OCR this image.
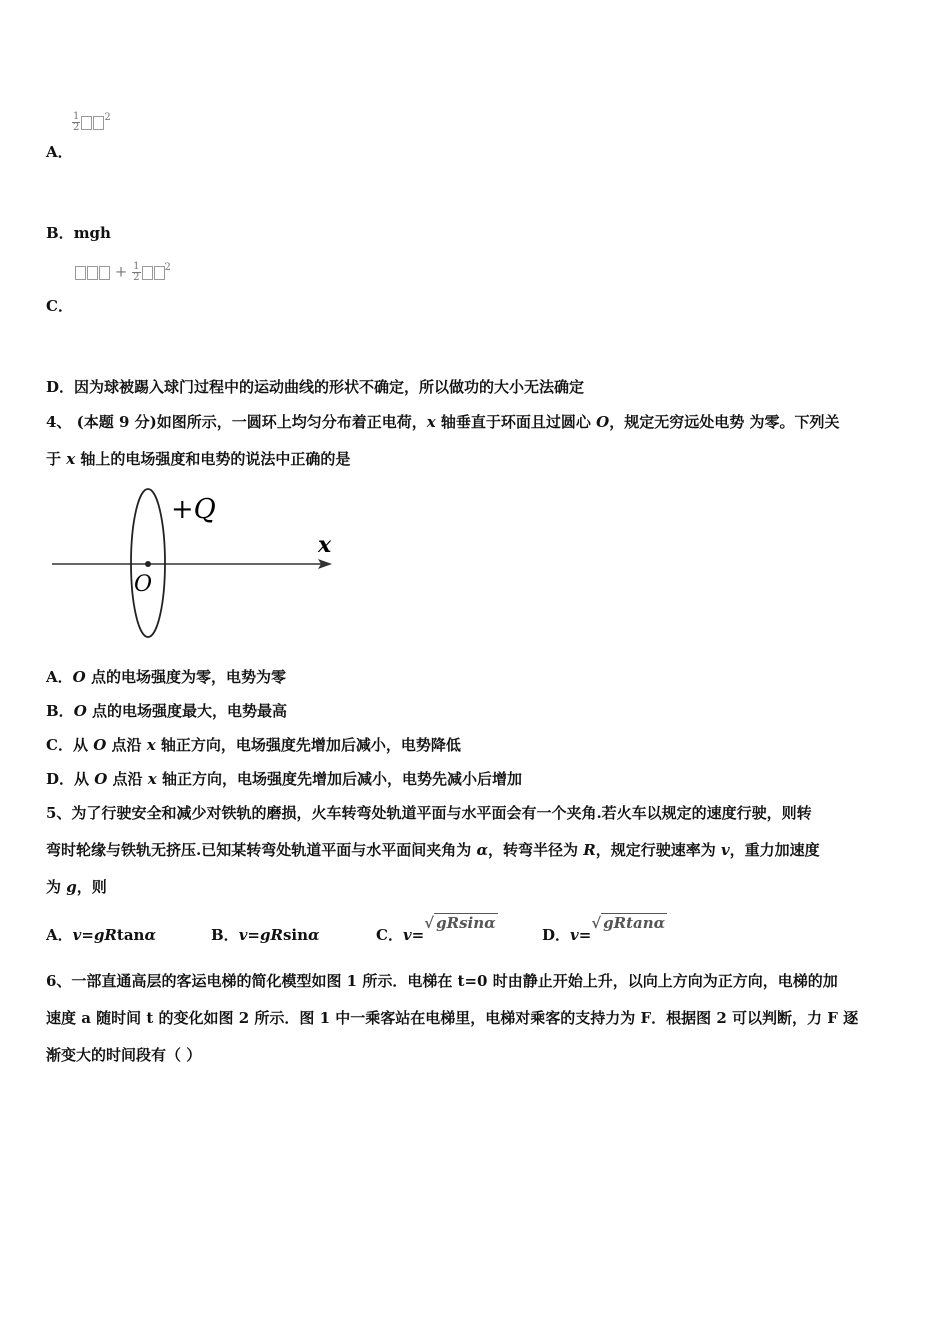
$\frac{1}{2} ^2$
A．
B．mgh
+ $\frac{1}{2} ^2$
C．
D．因为球被踢入球门过程中的运动曲线的形状不确定，所以做功的大小无法确定
4、 (本题 9 分)如图所示，一圆环上均匀分布着正电荷，x 轴垂直于环面且过圆心 O，规定无穷远处电势 为零。下列关
于 x 轴上的电场强度和电势的说法中正确的是
+Q
x
O
A．O 点的电场强度为零，电势为零
B．O 点的电场强度最大，电势最高
C．从 O 点沿 x 轴正方向，电场强度先增加后减小，电势降低
D．从 O 点沿 x 轴正方向，电场强度先增加后减小，电势先减小后增加
5、为了行驶安全和减少对铁轨的磨损，火车转弯处轨道平面与水平面会有一个夹角.若火车以规定的速度行驶，则转
弯时轮缘与铁轨无挤压.已知某转弯处轨道平面与水平面间夹角为 α，转弯半径为 R，规定行驶速率为 v，重力加速度
为 g，则
A．v=gRtanα	B．v=gRsinα	C．v=√ gRsinα
D．v=√ gRtanα
6、一部直通高层的客运电梯的简化模型如图 1 所示．电梯在 t=0 时由静止开始上升，以向上方向为正方向，电梯的加
速度 a 随时间 t 的变化如图 2 所示．图 1 中一乘客站在电梯里，电梯对乘客的支持力为 F．根据图 2 可以判断，力 F 逐
渐变大的时间段有（ ）
